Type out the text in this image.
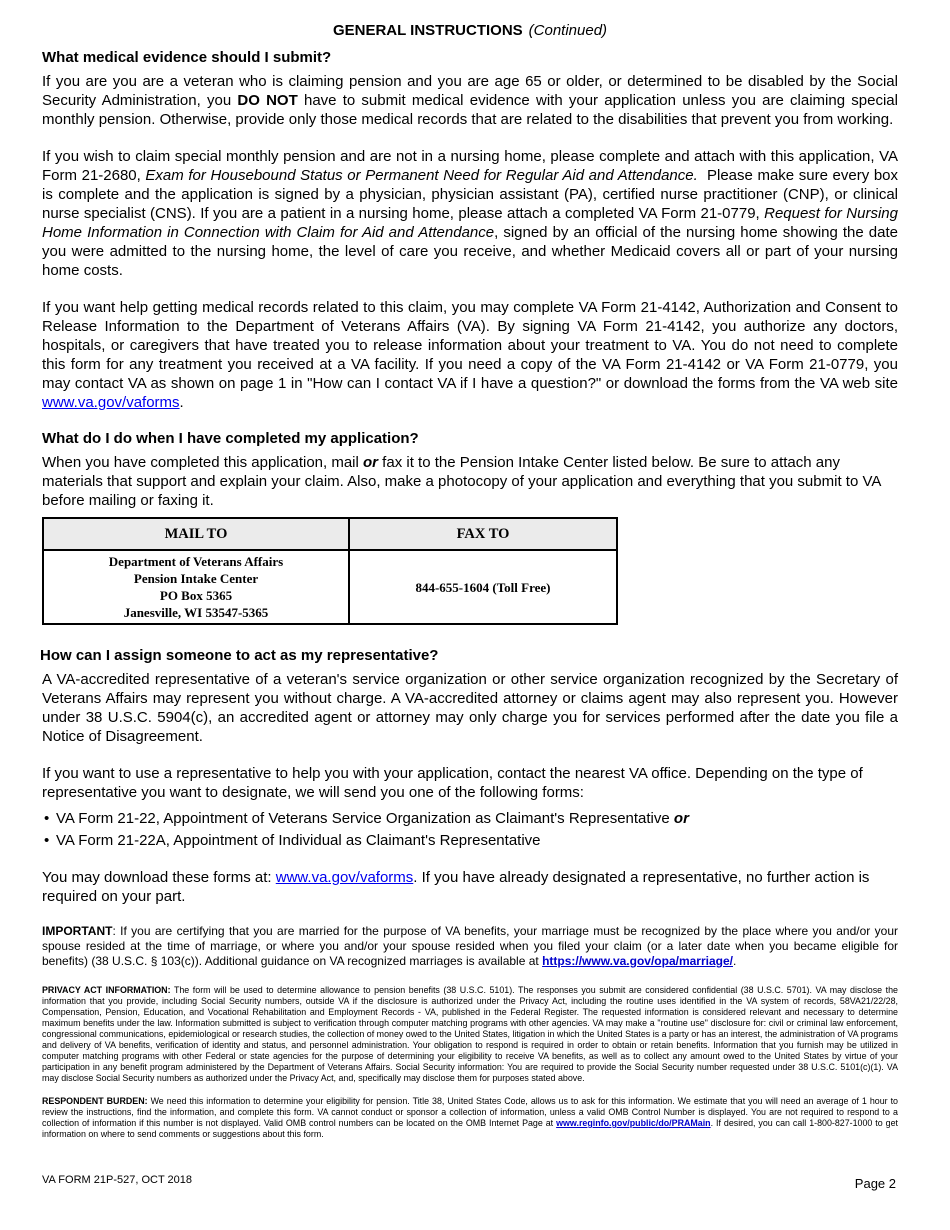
GENERAL INSTRUCTIONS (Continued)
What medical evidence should I submit?

If you are you are a veteran who is claiming pension and you are age 65 or older, or determined to be disabled by the Social Security Administration, you DO NOT have to submit medical evidence with your application unless you are claiming special monthly pension. Otherwise, provide only those medical records that are related to the disabilities that prevent you from working.

If you wish to claim special monthly pension and are not in a nursing home, please complete and attach with this application, VA Form 21-2680, Exam for Housebound Status or Permanent Need for Regular Aid and Attendance.  Please make sure every box is complete and the application is signed by a physician, physician assistant (PA), certified nurse practitioner (CNP), or clinical nurse specialist (CNS). If you are a patient in a nursing home, please attach a completed VA Form 21-0779, Request for Nursing Home Information in Connection with Claim for Aid and Attendance, signed by an official of the nursing home showing the date you were admitted to the nursing home, the level of care you receive, and whether Medicaid covers all or part of your nursing home costs.

If you want help getting medical records related to this claim, you may complete VA Form 21-4142, Authorization and Consent to Release Information to the Department of Veterans Affairs (VA). By signing VA Form 21-4142, you authorize any doctors, hospitals, or caregivers that have treated you to release information about your treatment to VA. You do not need to complete this form for any treatment you received at a VA facility. If you need a copy of the VA Form 21-4142 or VA Form 21-0779, you may contact VA as shown on page 1 in "How can I contact VA if I have a question?" or download the forms from the VA web site www.va.gov/vaforms.

What do I do when I have completed my application?

When you have completed this application, mail or fax it to the Pension Intake Center listed below. Be sure to attach any materials that support and explain your claim. Also, make a photocopy of your application and everything that you submit to VA before mailing or faxing it.

MAIL TO	FAX TO

Department of Veterans Affairs
Pension Intake Center
PO Box 5365
Janesville, WI 53547-5365	844-655-1604 (Toll Free)
How can I assign someone to act as my representative?

A VA-accredited representative of a veteran's service organization or other service organization recognized by the Secretary of Veterans Affairs may represent you without charge. A VA-accredited attorney or claims agent may also represent you. However under 38 U.S.C. 5904(c), an accredited agent or attorney may only charge you for services performed after the date you file a Notice of Disagreement.

If you want to use a representative to help you with your application, contact the nearest VA office. Depending on the type of representative you want to designate, we will send you one of the following forms:

• VA Form 21-22, Appointment of Veterans Service Organization as Claimant's Representative or
• VA Form 21-22A, Appointment of Individual as Claimant's Representative

You may download these forms at: www.va.gov/vaforms. If you have already designated a representative, no further action is required on your part.

IMPORTANT: If you are certifying that you are married for the purpose of VA benefits, your marriage must be recognized by the place where you and/or your spouse resided at the time of marriage, or where you and/or your spouse resided when you filed your claim (or a later date when you became eligible for benefits) (38 U.S.C. § 103(c)). Additional guidance on VA recognized marriages is available at https://www.va.gov/opa/marriage/.

PRIVACY ACT INFORMATION: The form will be used to determine allowance to pension benefits (38 U.S.C. 5101). The responses you submit are considered confidential (38 U.S.C. 5701). VA may disclose the information that you provide, including Social Security numbers, outside VA if the disclosure is authorized under the Privacy Act, including the routine uses identified in the VA system of records, 58VA21/22/28, Compensation, Pension, Education, and Vocational Rehabilitation and Employment Records - VA, published in the Federal Register. The requested information is considered relevant and necessary to determine maximum benefits under the law. Information submitted is subject to verification through computer matching programs with other agencies. VA may make a "routine use" disclosure for: civil or criminal law enforcement, congressional communications, epidemiological or research studies, the collection of money owed to the United States, litigation in which the United States is a party or has an interest, the administration of VA programs and delivery of VA benefits, verification of identity and status, and personnel administration. Your obligation to respond is required in order to obtain or retain benefits. Information that you furnish may be utilized in computer matching programs with other Federal or state agencies for the purpose of determining your eligibility to receive VA benefits, as well as to collect any amount owed to the United States by virtue of your participation in any benefit program administered by the Department of Veterans Affairs. Social Security information: You are required to provide the Social Security number requested under 38 U.S.C. 5101(c)(1). VA may disclose Social Security numbers as authorized under the Privacy Act, and, specifically may disclose them for purposes stated above.

RESPONDENT BURDEN: We need this information to determine your eligibility for pension. Title 38, United States Code, allows us to ask for this information. We estimate that you will need an average of 1 hour to review the instructions, find the information, and complete this form. VA cannot conduct or sponsor a collection of information, unless a valid OMB Control Number is displayed. You are not required to respond to a collection of information if this number is not displayed. Valid OMB control numbers can be located on the OMB Internet Page at www.reginfo.gov/public/do/PRAMain. If desired, you can call 1-800-827-1000 to get information on where to send comments or suggestions about this form.

VA FORM 21P-527, OCT 2018	Page 2
